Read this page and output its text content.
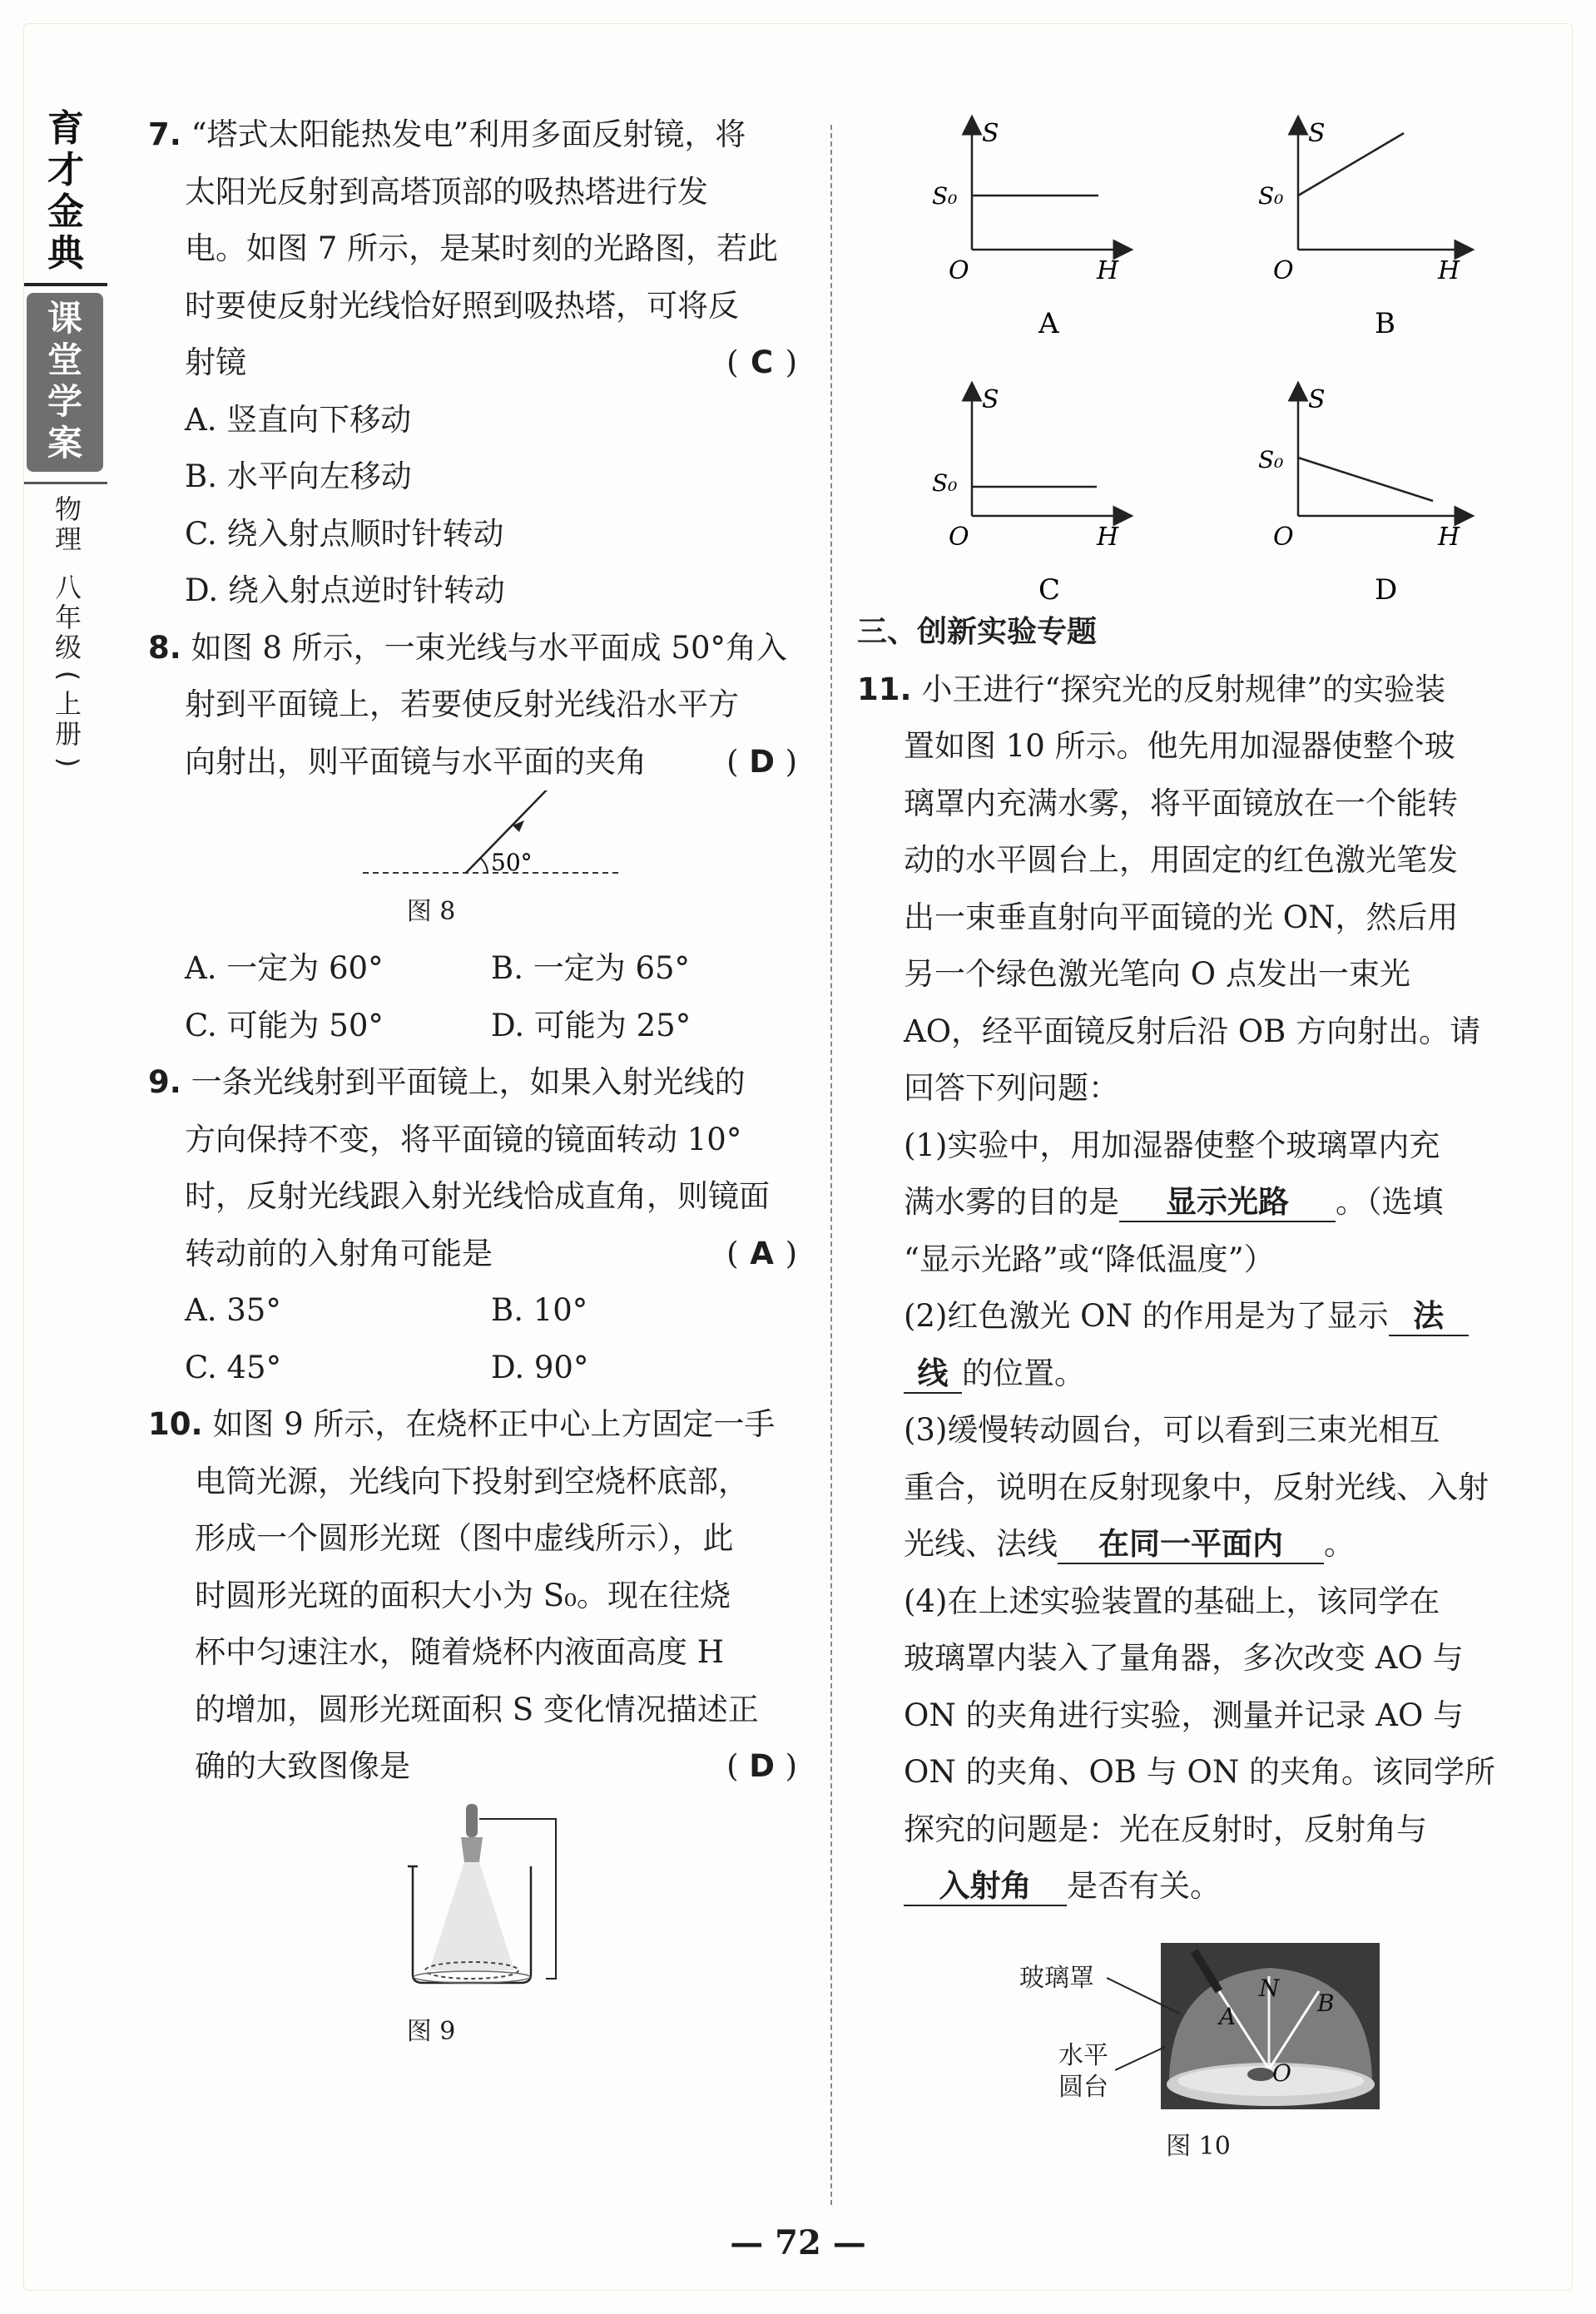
育
才
金
典
课
堂
学
案
物
理
八
年
级

(
上
册
)
7. “塔式太阳能热发电”利用多面反射镜，将
太阳光反射到高塔顶部的吸热塔进行发
电。如图 7 所示，是某时刻的光路图，若此
时要使反射光线恰好照到吸热塔，可将反
射镜	( C )
A. 竖直向下移动
B. 水平向左移动
C. 绕入射点顺时针转动
D. 绕入射点逆时针转动
8. 如图 8 所示，一束光线与水平面成 50°角入
射到平面镜上，若要使反射光线沿水平方
向射出，则平面镜与水平面的夹角	( D )
50°
图 8
A. 一定为 60°	B. 一定为 65°
C. 可能为 50°	D. 可能为 25°
9. 一条光线射到平面镜上，如果入射光线的
方向保持不变，将平面镜的镜面转动 10°
时，反射光线跟入射光线恰成直角，则镜面
转动前的入射角可能是	( A )
A. 35°	B. 10°
C. 45°	D. 90°
10. 如图 9 所示，在烧杯正中心上方固定一手
电筒光源，光线向下投射到空烧杯底部，
形成一个圆形光斑（图中虚线所示），此
时圆形光斑的面积大小为 S₀。现在往烧
杯中匀速注水，随着烧杯内液面高度 H
的增加，圆形光斑面积 S 变化情况描述正
确的大致图像是	( D )
图 9
S
H
O
S₀
A
S
H
O
S₀
B
S
H
O
S₀
C
S
H
O
S₀
D
三、创新实验专题
11. 小王进行“探究光的反射规律”的实验装
置如图 10 所示。他先用加湿器使整个玻
璃罩内充满水雾，将平面镜放在一个能转
动的水平圆台上，用固定的红色激光笔发
出一束垂直射向平面镜的光 ON，然后用
另一个绿色激光笔向 O 点发出一束光
AO，经平面镜反射后沿 OB 方向射出。请
回答下列问题：
(1)实验中，用加湿器使整个玻璃罩内充
满水雾的目的是 显示光路 。（选填
“显示光路”或“降低温度”）
(2)红色激光 ON 的作用是为了显示 法
线 的位置。
(3)缓慢转动圆台，可以看到三束光相互
重合，说明在反射现象中，反射光线、入射
光线、法线 在同一平面内 。
(4)在上述实验装置的基础上，该同学在
玻璃罩内装入了量角器，多次改变 AO 与
ON 的夹角进行实验，测量并记录 AO 与
ON 的夹角、OB 与 ON 的夹角。该同学所
探究的问题是：光在反射时，反射角与
入射角 是否有关。
A
N
B
O
玻璃罩
水平
圆台
图 10
— 72 —
